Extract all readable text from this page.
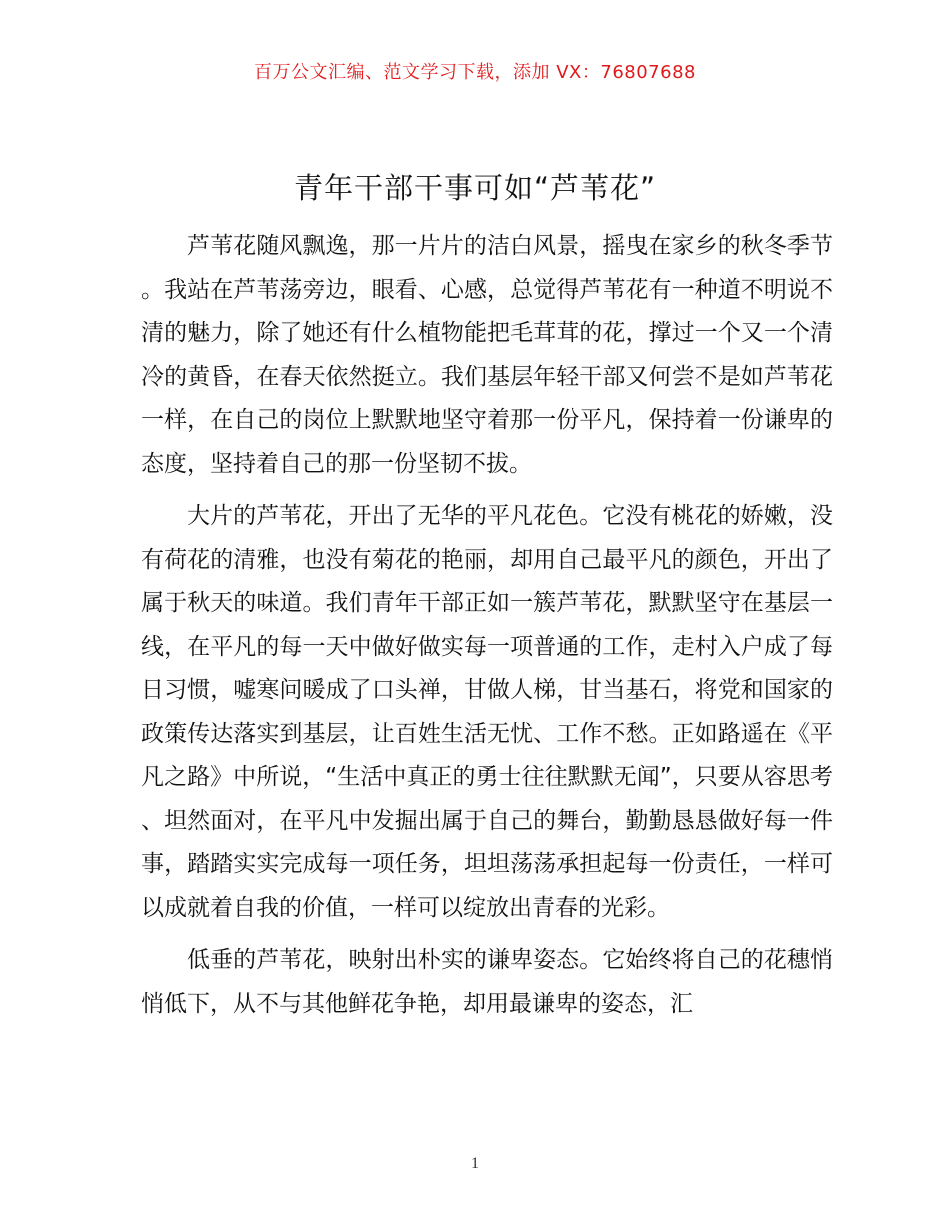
百万公文汇编、范文学习下载，添加 VX：76807688
青年干部干事可如“芦苇花”

芦苇花随风飘逸，那一片片的洁白风景，摇曳在家乡的秋冬季节。我站在芦苇荡旁边，眼看、心感，总觉得芦苇花有一种道不明说不清的魅力，除了她还有什么植物能把毛茸茸的花，撑过一个又一个清冷的黄昏，在春天依然挺立。我们基层年轻干部又何尝不是如芦苇花一样，在自己的岗位上默默地坚守着那一份平凡，保持着一份谦卑的态度，坚持着自己的那一份坚韧不拔。

大片的芦苇花，开出了无华的平凡花色。它没有桃花的娇嫩，没有荷花的清雅，也没有菊花的艳丽，却用自己最平凡的颜色，开出了属于秋天的味道。我们青年干部正如一簇芦苇花，默默坚守在基层一线，在平凡的每一天中做好做实每一项普通的工作，走村入户成了每日习惯，嘘寒问暖成了口头禅，甘做人梯，甘当基石，将党和国家的政策传达落实到基层，让百姓生活无忧、工作不愁。正如路遥在《平凡之路》中所说，“生活中真正的勇士往往默默无闻”，只要从容思考、坦然面对，在平凡中发掘出属于自己的舞台，勤勤恳恳做好每一件事，踏踏实实完成每一项任务，坦坦荡荡承担起每一份责任，一样可以成就着自我的价值，一样可以绽放出青春的光彩。

低垂的芦苇花，映射出朴实的谦卑姿态。它始终将自己的花穗悄悄低下，从不与其他鲜花争艳，却用最谦卑的姿态，汇

1
